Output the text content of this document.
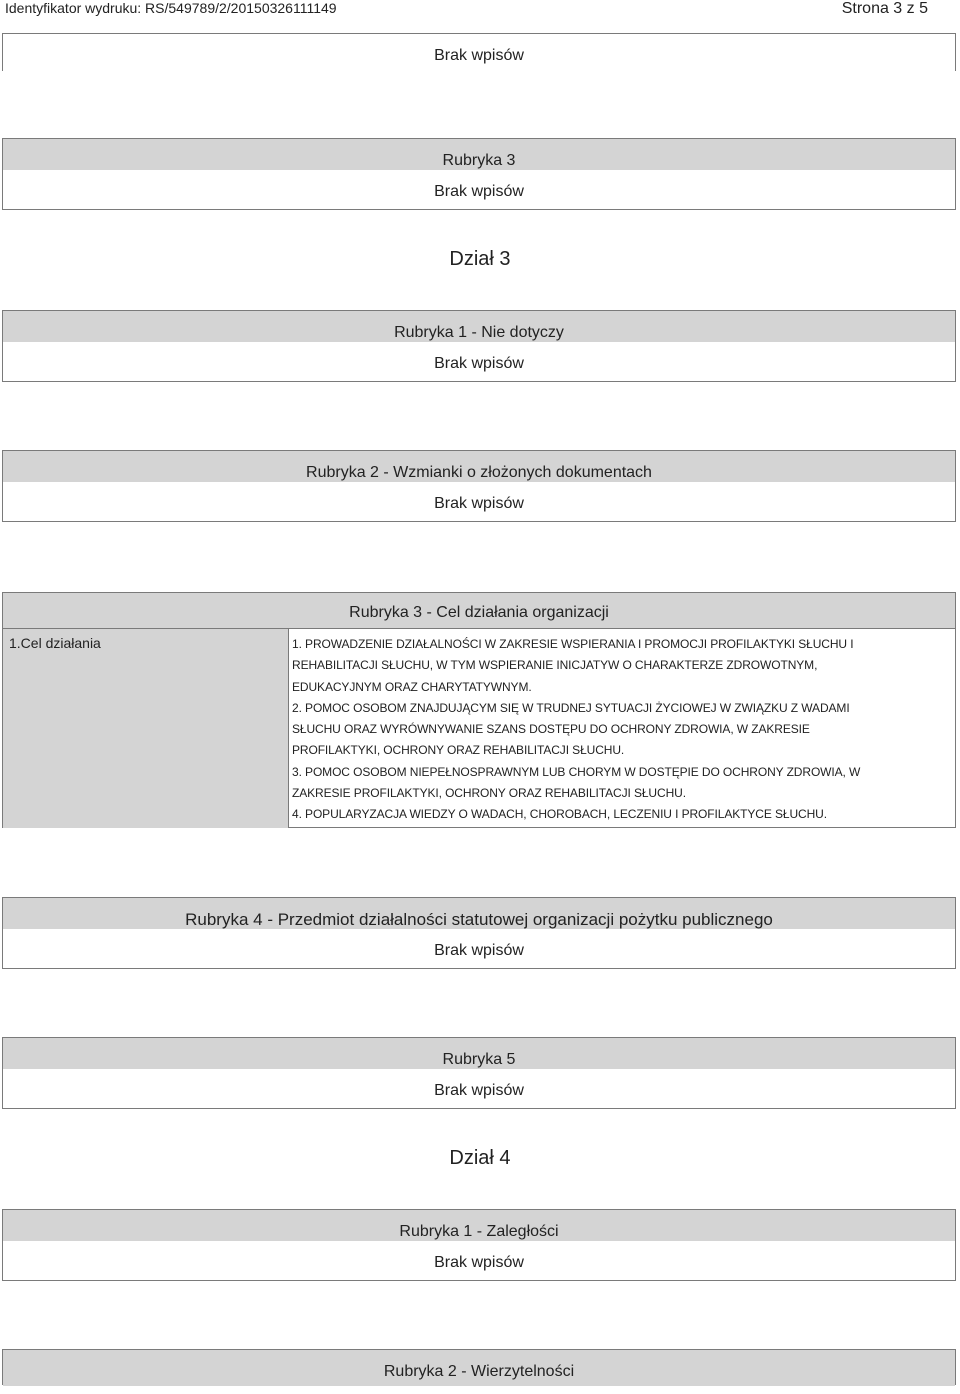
Identyfikator wydruku: RS/549789/2/20150326111149	Strona 3 z 5
Brak wpisów
Rubryka 3
Brak wpisów
Dział 3
Rubryka 1 - Nie dotyczy
Brak wpisów
Rubryka 2 - Wzmianki o złożonych dokumentach
Brak wpisów
Rubryka 3 - Cel działania organizacji
1.Cel działania	1. PROWADZENIE DZIAŁALNOŚCI W ZAKRESIE WSPIERANIA I PROMOCJI PROFILAKTYKI SŁUCHU I
REHABILITACJI SŁUCHU, W TYM WSPIERANIE INICJATYW O CHARAKTERZE ZDROWOTNYM,
EDUKACYJNYM ORAZ CHARYTATYWNYM.
2. POMOC OSOBOM ZNAJDUJĄCYM SIĘ W TRUDNEJ SYTUACJI ŻYCIOWEJ W ZWIĄZKU Z WADAMI
SŁUCHU ORAZ WYRÓWNYWANIE SZANS DOSTĘPU DO OCHRONY ZDROWIA, W ZAKRESIE
PROFILAKTYKI, OCHRONY ORAZ REHABILITACJI SŁUCHU.
3. POMOC OSOBOM NIEPEŁNOSPRAWNYM LUB CHORYM W DOSTĘPIE DO OCHRONY ZDROWIA, W
ZAKRESIE PROFILAKTYKI, OCHRONY ORAZ REHABILITACJI SŁUCHU.
4. POPULARYZACJA WIEDZY O WADACH, CHOROBACH, LECZENIU I PROFILAKTYCE SŁUCHU.
Rubryka 4 - Przedmiot działalności statutowej organizacji pożytku publicznego
Brak wpisów
Rubryka 5
Brak wpisów
Dział 4
Rubryka 1 - Zaległości
Brak wpisów
Rubryka 2 - Wierzytelności
